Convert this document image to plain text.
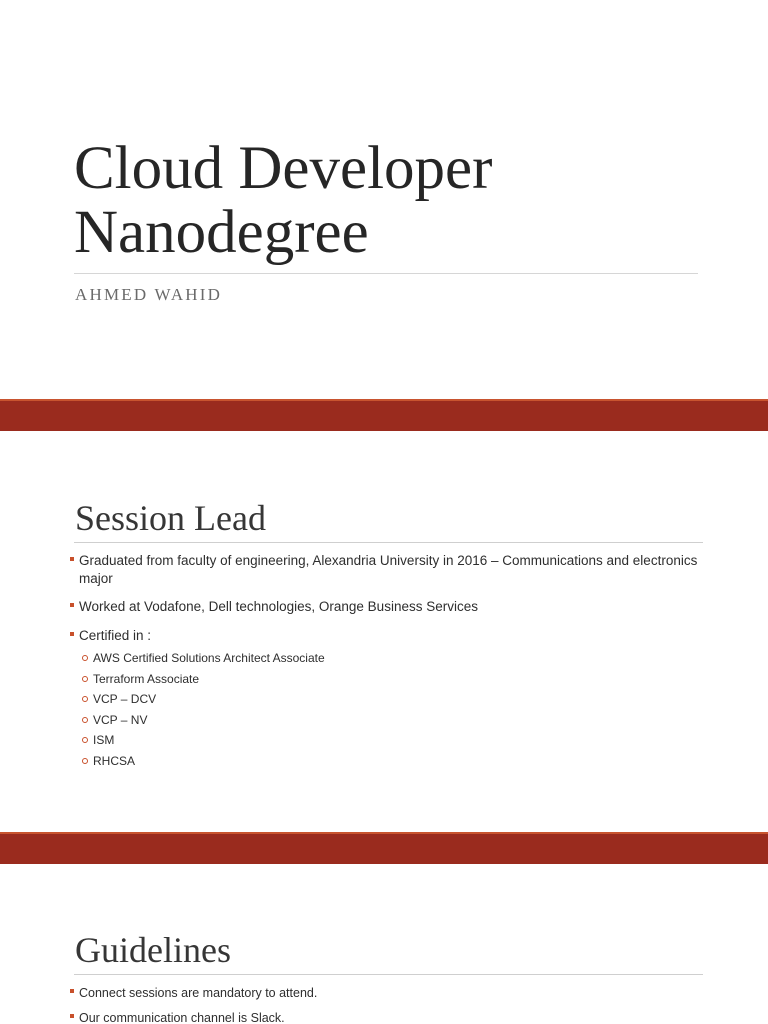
Cloud Developer Nanodegree

AHMED WAHID

Session Lead
Graduated from faculty of engineering, Alexandria University in 2016 – Communications and electronics major
Worked at Vodafone, Dell technologies, Orange Business Services
Certified in :
AWS Certified Solutions Architect Associate
Terraform Associate
VCP – DCV
VCP – NV
ISM
RHCSA
Guidelines
Connect sessions are mandatory to attend.
Our communication channel is Slack.
